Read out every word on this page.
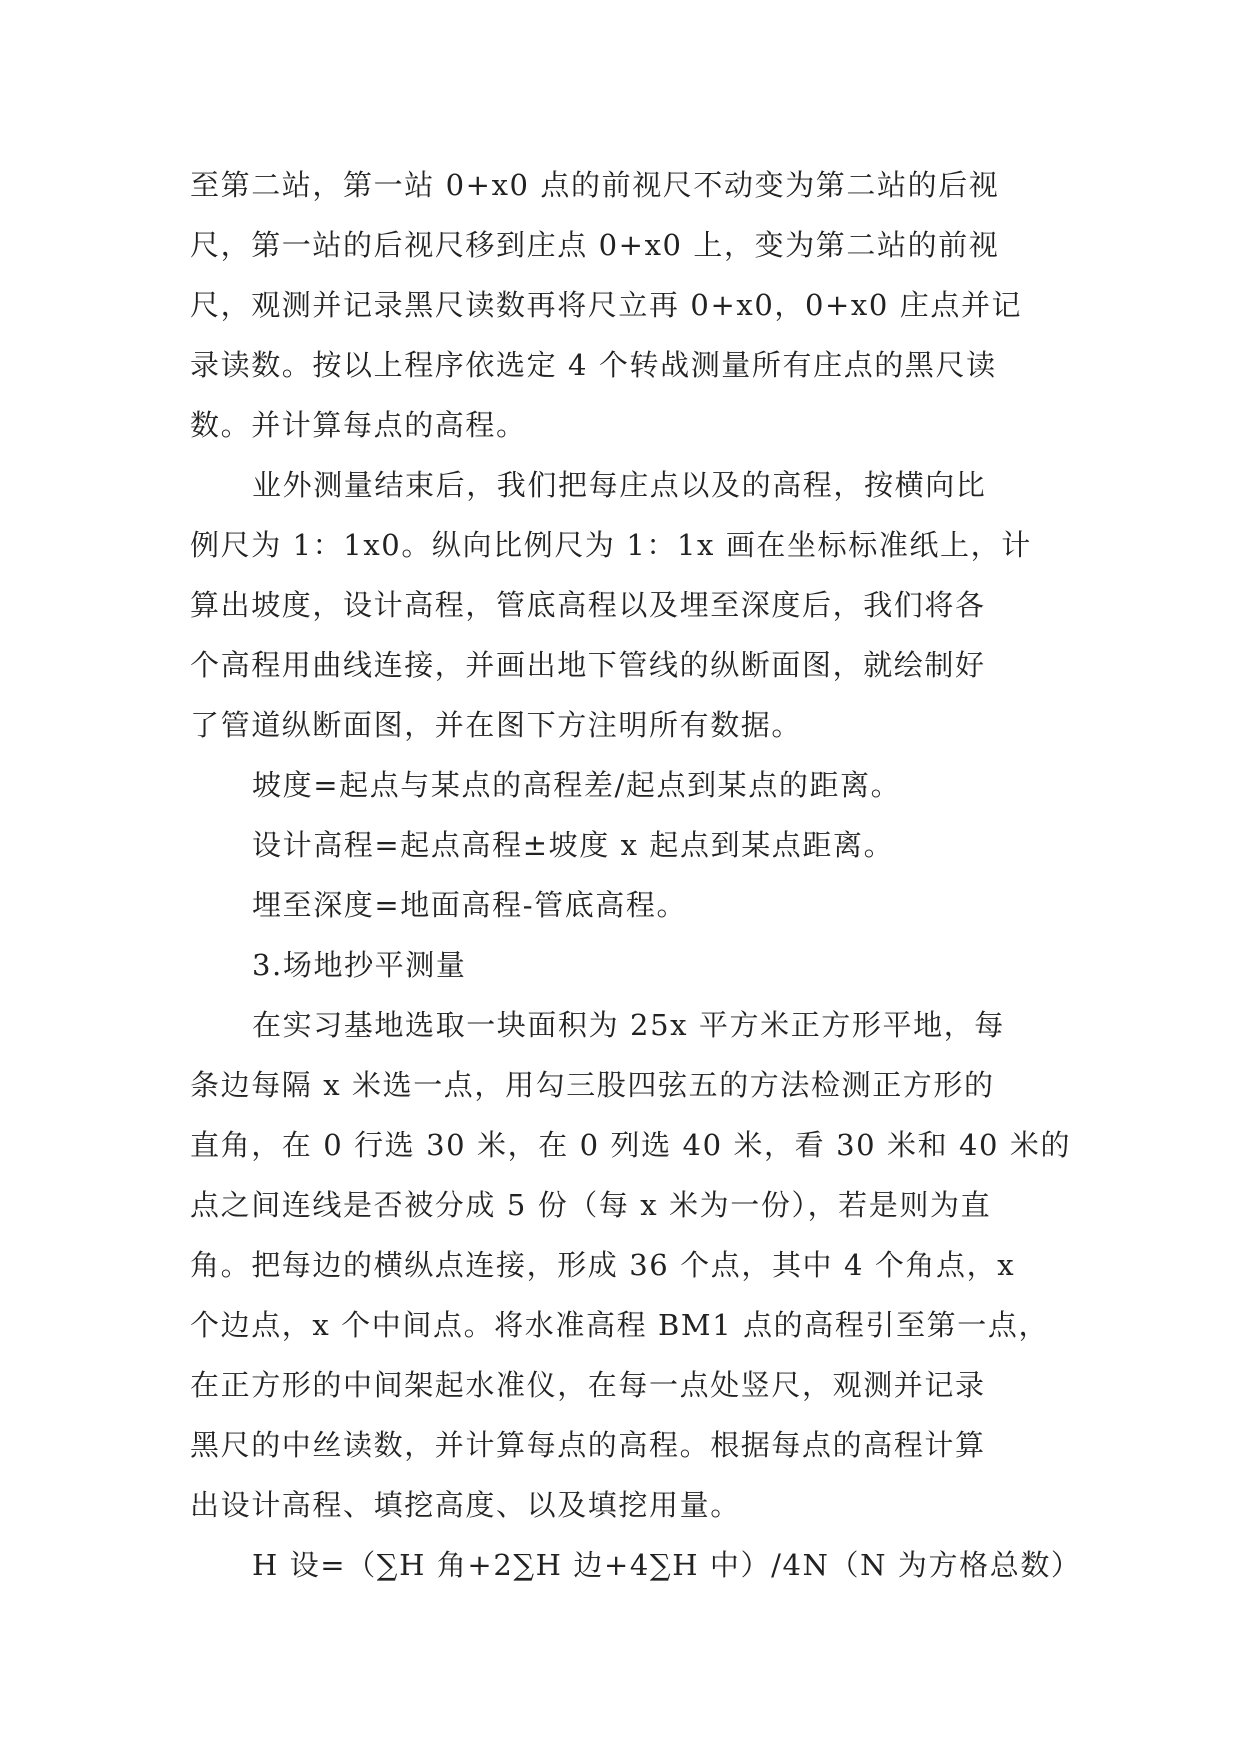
至第二站，第一站 0+x0 点的前视尺不动变为第二站的后视
尺，第一站的后视尺移到庄点 0+x0 上，变为第二站的前视
尺，观测并记录黑尺读数再将尺立再 0+x0，0+x0 庄点并记
录读数。按以上程序依选定 4 个转战测量所有庄点的黑尺读
数。并计算每点的高程。
业外测量结束后，我们把每庄点以及的高程，按横向比
例尺为 1：1x0。纵向比例尺为 1：1x 画在坐标标准纸上，计
算出坡度，设计高程，管底高程以及埋至深度后，我们将各
个高程用曲线连接，并画出地下管线的纵断面图，就绘制好
了管道纵断面图，并在图下方注明所有数据。
坡度=起点与某点的高程差/起点到某点的距离。
设计高程=起点高程±坡度 x 起点到某点距离。
埋至深度=地面高程-管底高程。
3.场地抄平测量
在实习基地选取一块面积为 25x 平方米正方形平地，每
条边每隔 x 米选一点，用勾三股四弦五的方法检测正方形的
直角，在 0 行选 30 米，在 0 列选 40 米，看 30 米和 40 米的
点之间连线是否被分成 5 份（每 x 米为一份），若是则为直
角。把每边的横纵点连接，形成 36 个点，其中 4 个角点，x
个边点，x 个中间点。将水准高程 BM1 点的高程引至第一点，
在正方形的中间架起水准仪，在每一点处竖尺，观测并记录
黑尺的中丝读数，并计算每点的高程。根据每点的高程计算
出设计高程、填挖高度、以及填挖用量。
H 设=（∑H 角+2∑H 边+4∑H 中）/4N（N 为方格总数）
